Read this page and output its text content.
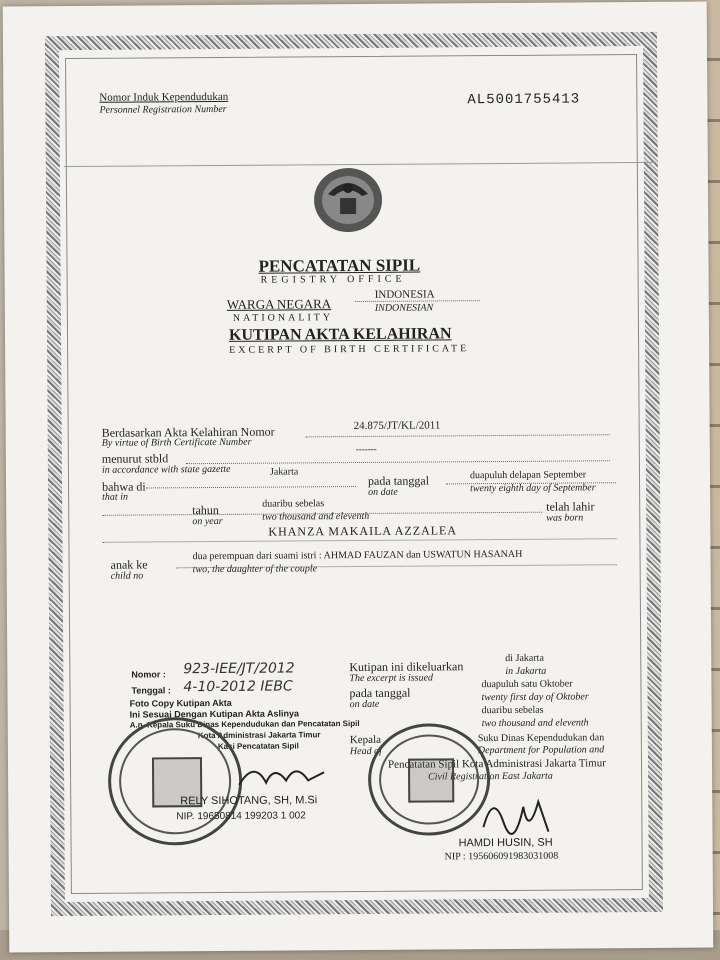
Nomor Induk Kependudukan
Personnel Registration Number
AL5001755413
PENCATATAN SIPIL
REGISTRY OFFICE
WARGA NEGARA
NATIONALITY
INDONESIA
INDONESIAN
KUTIPAN AKTA KELAHIRAN
EXCERPT OF BIRTH CERTIFICATE
Berdasarkan Akta Kelahiran Nomor
By virtue of Birth Certificate Number
24.875/JT/KL/2011
menurut stbld
in accordance with state gazette
-------
bahwa di
that in
Jakarta
pada tanggal
on date
duapuluh delapan September
twenty eighth day of September
tahun
on year
duaribu sebelas
two thousand and eleventh
telah lahir
was born
KHANZA MAKAILA AZZALEA
anak ke
child no
dua perempuan dari suami istri : AHMAD FAUZAN dan USWATUN HASANAH
two, the daughter of the couple
Kutipan ini dikeluarkan
The excerpt is issued
di Jakarta
in Jakarta
pada tanggal
on date
duapuluh satu Oktober
twenty first day of Oktober
duaribu sebelas
two thousand and eleventh
Suku Dinas Kependudukan dan
Department for Population and
Kepala
Head of
Pencatatan Sipil Kota Administrasi Jakarta Timur
Civil Registration East Jakarta
HAMDI HUSIN, SH
NIP : 195606091983031008
Nomor : 923-IEE/JT/2012
Tenggal : 4-10-2012 IEBC
Foto Copy Kutipan Akta
Ini Sesuai Dengan Kutipan Akta Aslinya
A.n. Kepala Suku Dinas Kependudukan dan Pencatatan Sipil
Kota Administrasi Jakarta Timur
Kasi Pencatatan Sipil
RELY SIHOTANG, SH, M.Si
NIP. 19650814 199203 1 002
